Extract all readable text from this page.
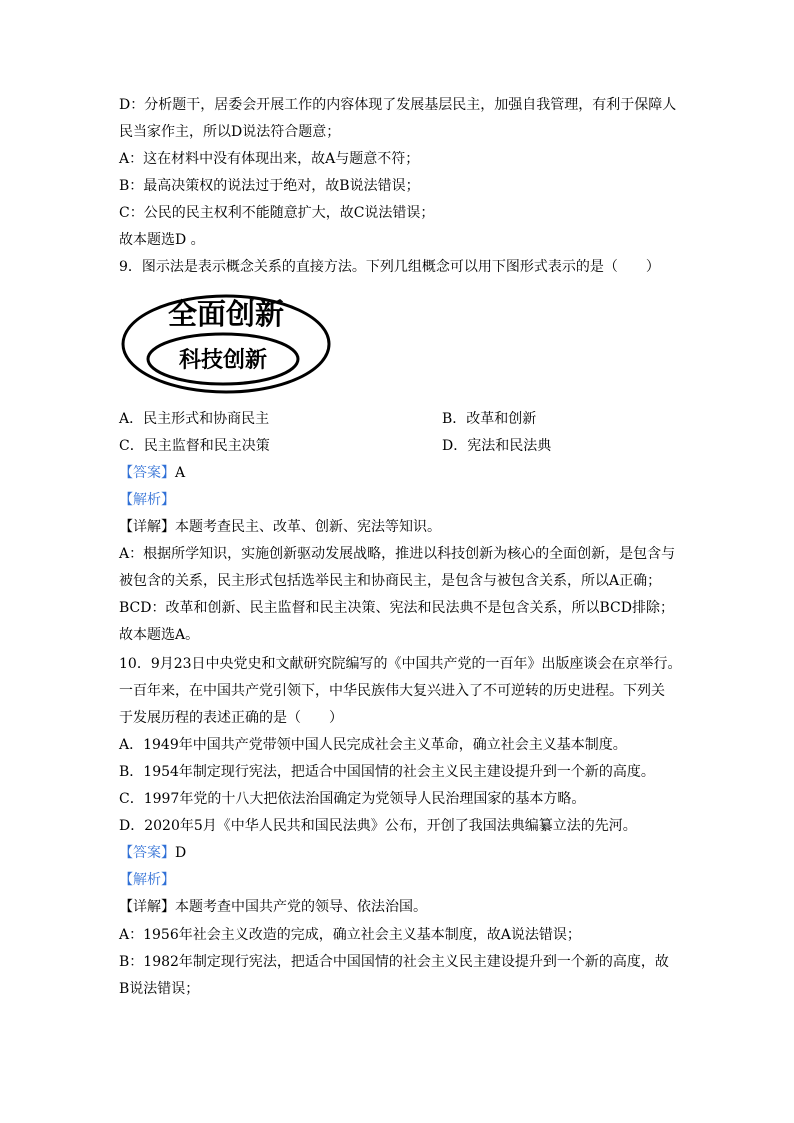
D：分析题干，居委会开展工作的内容体现了发展基层民主，加强自我管理，有利于保障人
民当家作主，所以D说法符合题意；
A：这在材料中没有体现出来，故A与题意不符；
B：最高决策权的说法过于绝对，故B说法错误；
C：公民的民主权利不能随意扩大，故C说法错误；
故本题选D 。
9．图示法是表示概念关系的直接方法。下列几组概念可以用下图形式表示的是（　　）
全面创新
科技创新
A．民主形式和协商民主	B．改革和创新
C．民主监督和民主决策	D．宪法和民法典
【答案】A
【解析】
【详解】本题考查民主、改革、创新、宪法等知识。
A：根据所学知识，实施创新驱动发展战略，推进以科技创新为核心的全面创新，是包含与
被包含的关系，民主形式包括选举民主和协商民主，是包含与被包含关系，所以A正确；
BCD：改革和创新、民主监督和民主决策、宪法和民法典不是包含关系，所以BCD排除；
故本题选A。
10．9月23日中央党史和文献研究院编写的《中国共产党的一百年》出版座谈会在京举行。
一百年来，在中国共产党引领下，中华民族伟大复兴进入了不可逆转的历史进程。下列关
于发展历程的表述正确的是（　　）
A．1949年中国共产党带领中国人民完成社会主义革命，确立社会主义基本制度。
B．1954年制定现行宪法，把适合中国国情的社会主义民主建设提升到一个新的高度。
C．1997年党的十八大把依法治国确定为党领导人民治理国家的基本方略。
D．2020年5月《中华人民共和国民法典》公布，开创了我国法典编纂立法的先河。
【答案】D
【解析】
【详解】本题考查中国共产党的领导、依法治国。
A：1956年社会主义改造的完成，确立社会主义基本制度，故A说法错误；
B：1982年制定现行宪法，把适合中国国情的社会主义民主建设提升到一个新的高度，故
B说法错误；
